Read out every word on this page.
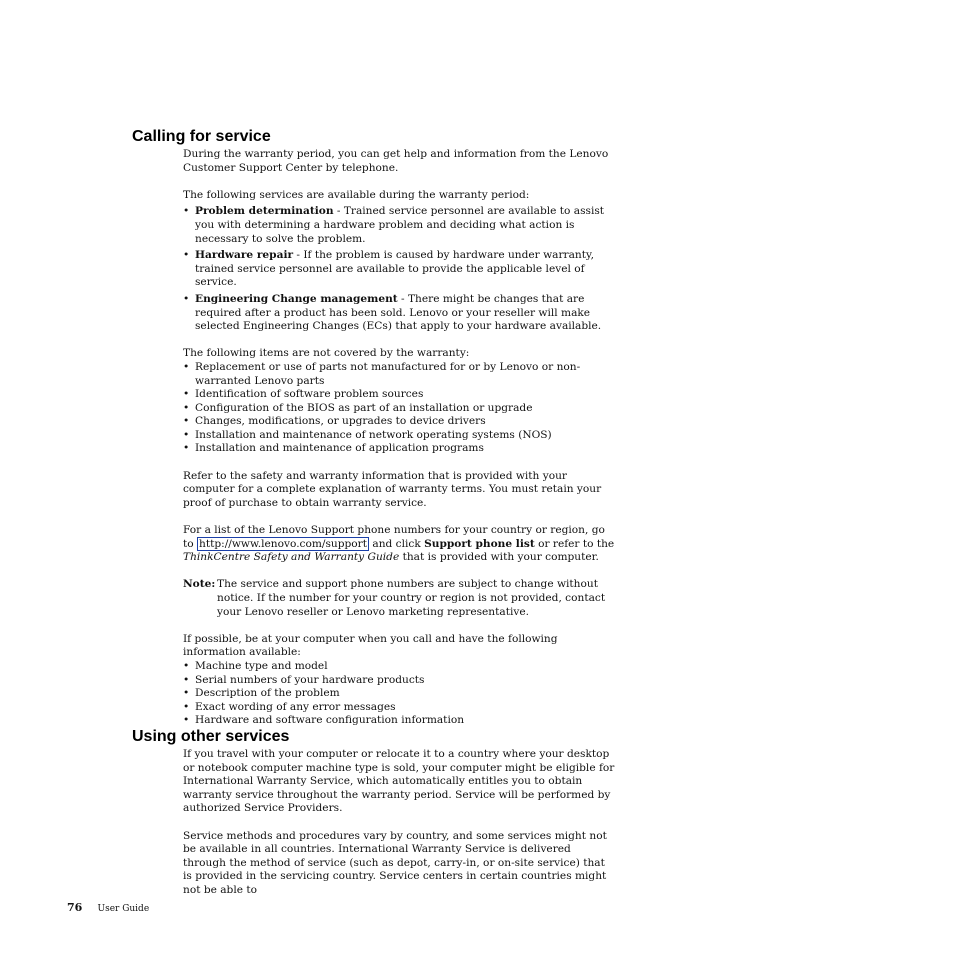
Calling for service

During the warranty period, you can get help and information from the Lenovo Customer Support Center by telephone.

The following services are available during the warranty period:

• Problem determination - Trained service personnel are available to assist you with determining a hardware problem and deciding what action is necessary to solve the problem.
• Hardware repair - If the problem is caused by hardware under warranty, trained service personnel are available to provide the applicable level of service.
• Engineering Change management - There might be changes that are required after a product has been sold. Lenovo or your reseller will make selected Engineering Changes (ECs) that apply to your hardware available.

The following items are not covered by the warranty:

• Replacement or use of parts not manufactured for or by Lenovo or non-warranted Lenovo parts
• Identification of software problem sources
• Configuration of the BIOS as part of an installation or upgrade
• Changes, modifications, or upgrades to device drivers
• Installation and maintenance of network operating systems (NOS)
• Installation and maintenance of application programs

Refer to the safety and warranty information that is provided with your computer for a complete explanation of warranty terms. You must retain your proof of purchase to obtain warranty service.

For a list of the Lenovo Support phone numbers for your country or region, go to http://www.lenovo.com/support and click Support phone list or refer to the ThinkCentre Safety and Warranty Guide that is provided with your computer.

Note: The service and support phone numbers are subject to change without notice. If the number for your country or region is not provided, contact your Lenovo reseller or Lenovo marketing representative.

If possible, be at your computer when you call and have the following information available:

• Machine type and model
• Serial numbers of your hardware products
• Description of the problem
• Exact wording of any error messages
• Hardware and software configuration information
Using other services

If you travel with your computer or relocate it to a country where your desktop or notebook computer machine type is sold, your computer might be eligible for International Warranty Service, which automatically entitles you to obtain warranty service throughout the warranty period. Service will be performed by authorized Service Providers.

Service methods and procedures vary by country, and some services might not be available in all countries. International Warranty Service is delivered through the method of service (such as depot, carry-in, or on-site service) that is provided in the servicing country. Service centers in certain countries might not be able to

76 User Guide
